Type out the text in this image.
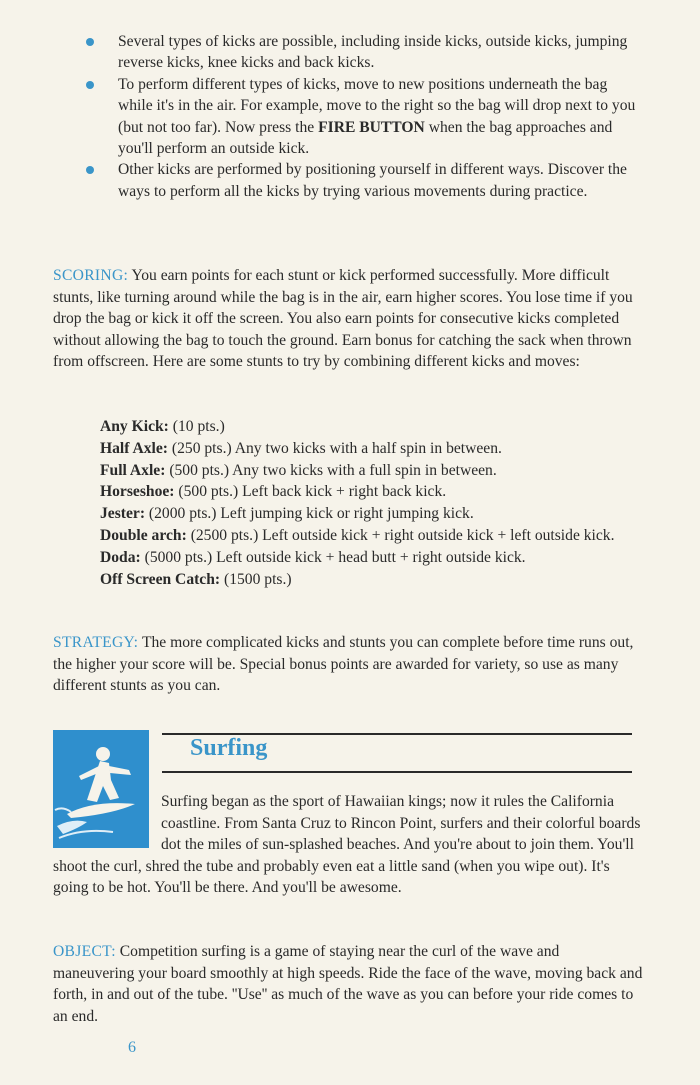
Several types of kicks are possible, including inside kicks, outside kicks, jumping reverse kicks, knee kicks and back kicks.
To perform different types of kicks, move to new positions underneath the bag while it's in the air. For example, move to the right so the bag will drop next to you (but not too far). Now press the FIRE BUTTON when the bag approaches and you'll perform an outside kick.
Other kicks are performed by positioning yourself in different ways. Discover the ways to perform all the kicks by trying various movements during practice.

SCORING: You earn points for each stunt or kick performed successfully. More difficult stunts, like turning around while the bag is in the air, earn higher scores. You lose time if you drop the bag or kick it off the screen. You also earn points for consecutive kicks completed without allowing the bag to touch the ground. Earn bonus for catching the sack when thrown from offscreen. Here are some stunts to try by combining different kicks and moves:

Any Kick: (10 pts.)
Half Axle: (250 pts.) Any two kicks with a half spin in between.
Full Axle: (500 pts.) Any two kicks with a full spin in between.
Horseshoe: (500 pts.) Left back kick + right back kick.
Jester: (2000 pts.) Left jumping kick or right jumping kick.
Double arch: (2500 pts.) Left outside kick + right outside kick + left outside kick.
Doda: (5000 pts.) Left outside kick + head butt + right outside kick.
Off Screen Catch: (1500 pts.)

STRATEGY: The more complicated kicks and stunts you can complete before time runs out, the higher your score will be. Special bonus points are awarded for variety, so use as many different stunts as you can.

Surfing

Surfing began as the sport of Hawaiian kings; now it rules the California coastline. From Santa Cruz to Rincon Point, surfers and their colorful boards dot the miles of sun-splashed beaches. And you're about to join them. You'll shoot the curl, shred the tube and probably even eat a little sand (when you wipe out). It's going to be hot. You'll be there. And you'll be awesome.

OBJECT: Competition surfing is a game of staying near the curl of the wave and maneuvering your board smoothly at high speeds. Ride the face of the wave, moving back and forth, in and out of the tube. ''Use'' as much of the wave as you can before your ride comes to an end.

6
